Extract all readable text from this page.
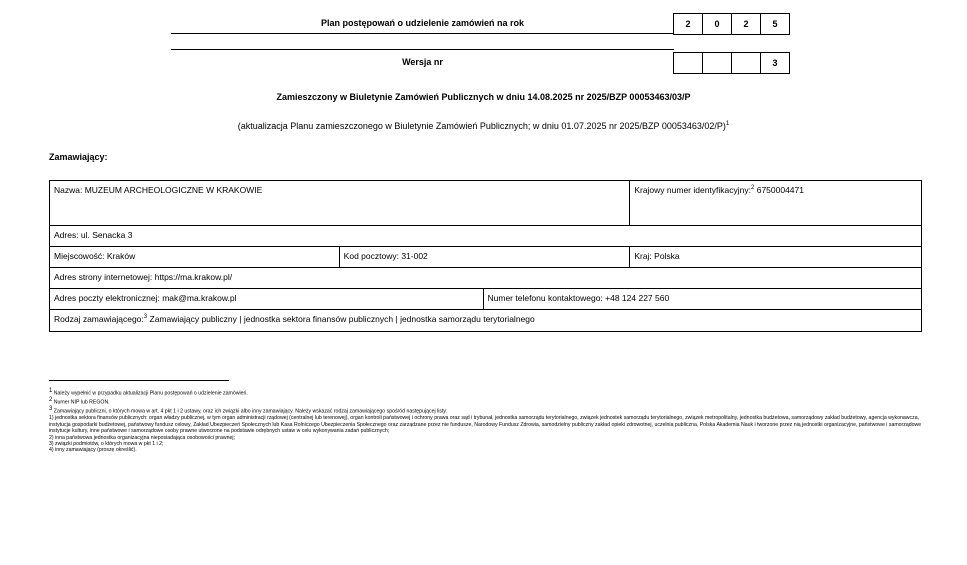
Plan postępowań o udzielenie zamówień na rok	2	0	2	5
Wersja nr	3
Zamieszczony w Biuletynie Zamówień Publicznych w dniu 14.08.2025 nr 2025/BZP 00053463/03/P
(aktualizacja Planu zamieszczonego w Biuletynie Zamówień Publicznych; w dniu 01.07.2025 nr 2025/BZP 00053463/02/P)$^1$
Zamawiający:
Nazwa: MUZEUM ARCHEOLOGICZNE W KRAKOWIE			Krajowy numer identyfikacyjny:$^2$ 6750004471
Adres: ul. Senacka 3			
Miejscowość: Kraków	Kod pocztowy: 31-002		Kraj: Polska
Adres strony internetowej: https://ma.krakow.pl/			
Adres poczty elektronicznej: mak@ma.krakow.pl		Numer telefonu kontaktowego: +48 124 227 560	
Rodzaj zamawiającego:$^3$ Zamawiający publiczny | jednostka sektora finansów publicznych | jednostka samorządu terytorialnego			

$^1$ Należy wypełnić w przypadku aktualizacji Planu postępowań o udzielenie zamówień.

$^2$ Numer NIP lub REGON.

$^3$ Zamawiający publiczni, o których mowa w art. 4 pkt 1 i 2 ustawy, oraz ich związki albo inny zamawiający. Należy wskazać rodzaj zamawiającego spośród następującej listy:

1) jednostka sektora finansów publicznych: organ władzy publicznej, w tym organ administracji rządowej (centralnej lub terenowej), organ kontroli państwowej i ochrony prawa oraz sąd i trybunał, jednostka samorządu terytorialnego, związek jednostek samorządu terytorialnego, związek metropolitalny, jednostka budżetowa, samorządowy zakład budżetowy, agencja wykonawcza, instytucja gospodarki budżetowej, państwowy fundusz celowy, Zakład Ubezpieczeń Społecznych lub Kasa Rolniczego Ubezpieczenia Społecznego oraz zarządzane przez nie fundusze, Narodowy Fundusz Zdrowia, samodzielny publiczny zakład opieki zdrowotnej, uczelnia publiczna, Polska Akademia Nauk i tworzone przez nią jednostki organizacyjne, państwowe i samorządowe instytucje kultury, inne państwowe i samorządowe osoby prawne utworzone na podstawie odrębnych ustaw w celu wykonywania zadań publicznych;

2) inna państwowa jednostka organizacyjna nieposiadająca osobowości prawnej;

3) związki podmiotów, o których mowa w pkt 1 i 2;

4) inny zamawiający (proszę określić).
